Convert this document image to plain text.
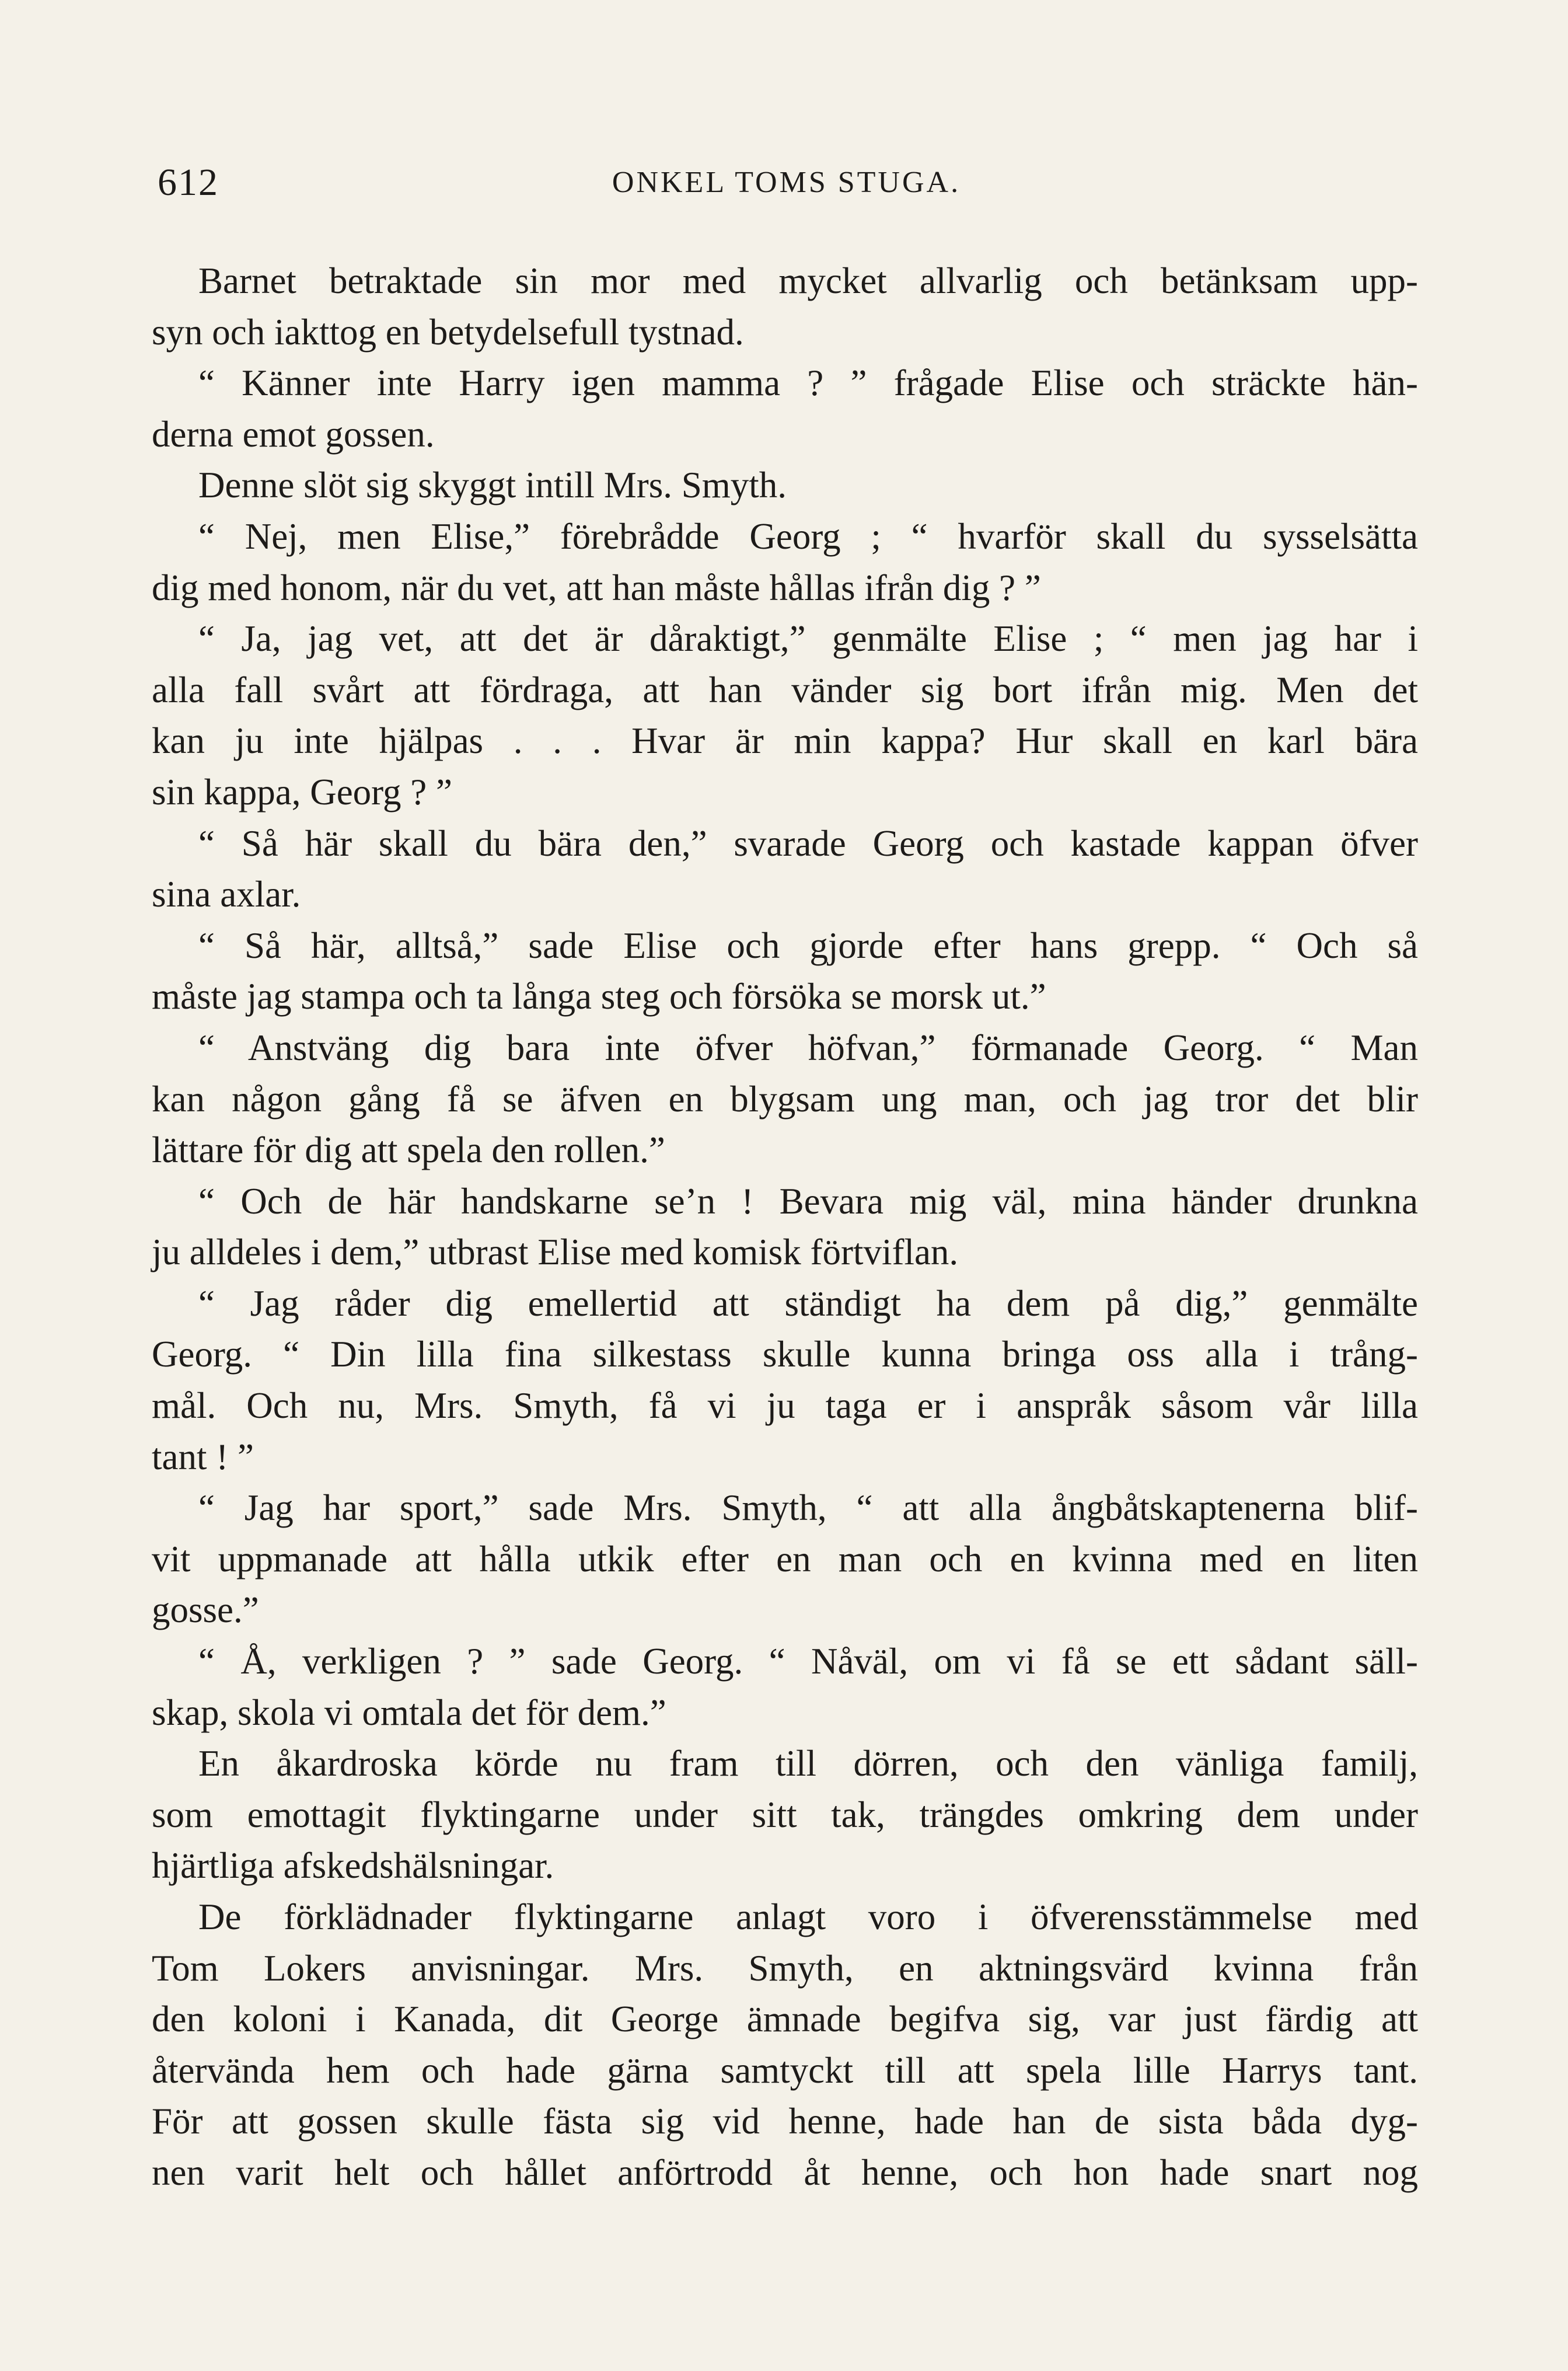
612	ONKEL TOMS STUGA.
Barnet betraktade sin mor med mycket allvarlig och betänksam upp-
syn och iakttog en betydelsefull tystnad.
“ Känner inte Harry igen mamma ? ” frågade Elise och sträckte hän-
derna emot gossen.
Denne slöt sig skyggt intill Mrs. Smyth.
“ Nej, men Elise,” förebrådde Georg ; “ hvarför skall du sysselsätta
dig med honom, när du vet, att han måste hållas ifrån dig ? ”
“ Ja, jag vet, att det är dåraktigt,” genmälte Elise ; “ men jag har i
alla fall svårt att fördraga, att han vänder sig bort ifrån mig. Men det
kan ju inte hjälpas . . . Hvar är min kappa? Hur skall en karl bära
sin kappa, Georg ? ”
“ Så här skall du bära den,” svarade Georg och kastade kappan öfver
sina axlar.
“ Så här, alltså,” sade Elise och gjorde efter hans grepp. “ Och så
måste jag stampa och ta långa steg och försöka se morsk ut.”
“ Anstväng dig bara inte öfver höfvan,” förmanade Georg. “ Man
kan någon gång få se äfven en blygsam ung man, och jag tror det blir
lättare för dig att spela den rollen.”
“ Och de här handskarne se’n ! Bevara mig väl, mina händer drunkna
ju alldeles i dem,” utbrast Elise med komisk förtviflan.
“ Jag råder dig emellertid att ständigt ha dem på dig,” genmälte
Georg. “ Din lilla fina silkestass skulle kunna bringa oss alla i trång-
mål. Och nu, Mrs. Smyth, få vi ju taga er i anspråk såsom vår lilla
tant ! ”
“ Jag har sport,” sade Mrs. Smyth, “ att alla ångbåtskaptenerna blif-
vit uppmanade att hålla utkik efter en man och en kvinna med en liten
gosse.”
“ Å, verkligen ? ” sade Georg. “ Nåväl, om vi få se ett sådant säll-
skap, skola vi omtala det för dem.”
En åkardroska körde nu fram till dörren, och den vänliga familj,
som emottagit flyktingarne under sitt tak, trängdes omkring dem under
hjärtliga afskedshälsningar.
De förklädnader flyktingarne anlagt voro i öfverensstämmelse med
Tom Lokers anvisningar. Mrs. Smyth, en aktningsvärd kvinna från
den koloni i Kanada, dit George ämnade begifva sig, var just färdig att
återvända hem och hade gärna samtyckt till att spela lille Harrys tant.
För att gossen skulle fästa sig vid henne, hade han de sista båda dyg-
nen varit helt och hållet anförtrodd åt henne, och hon hade snart nog
